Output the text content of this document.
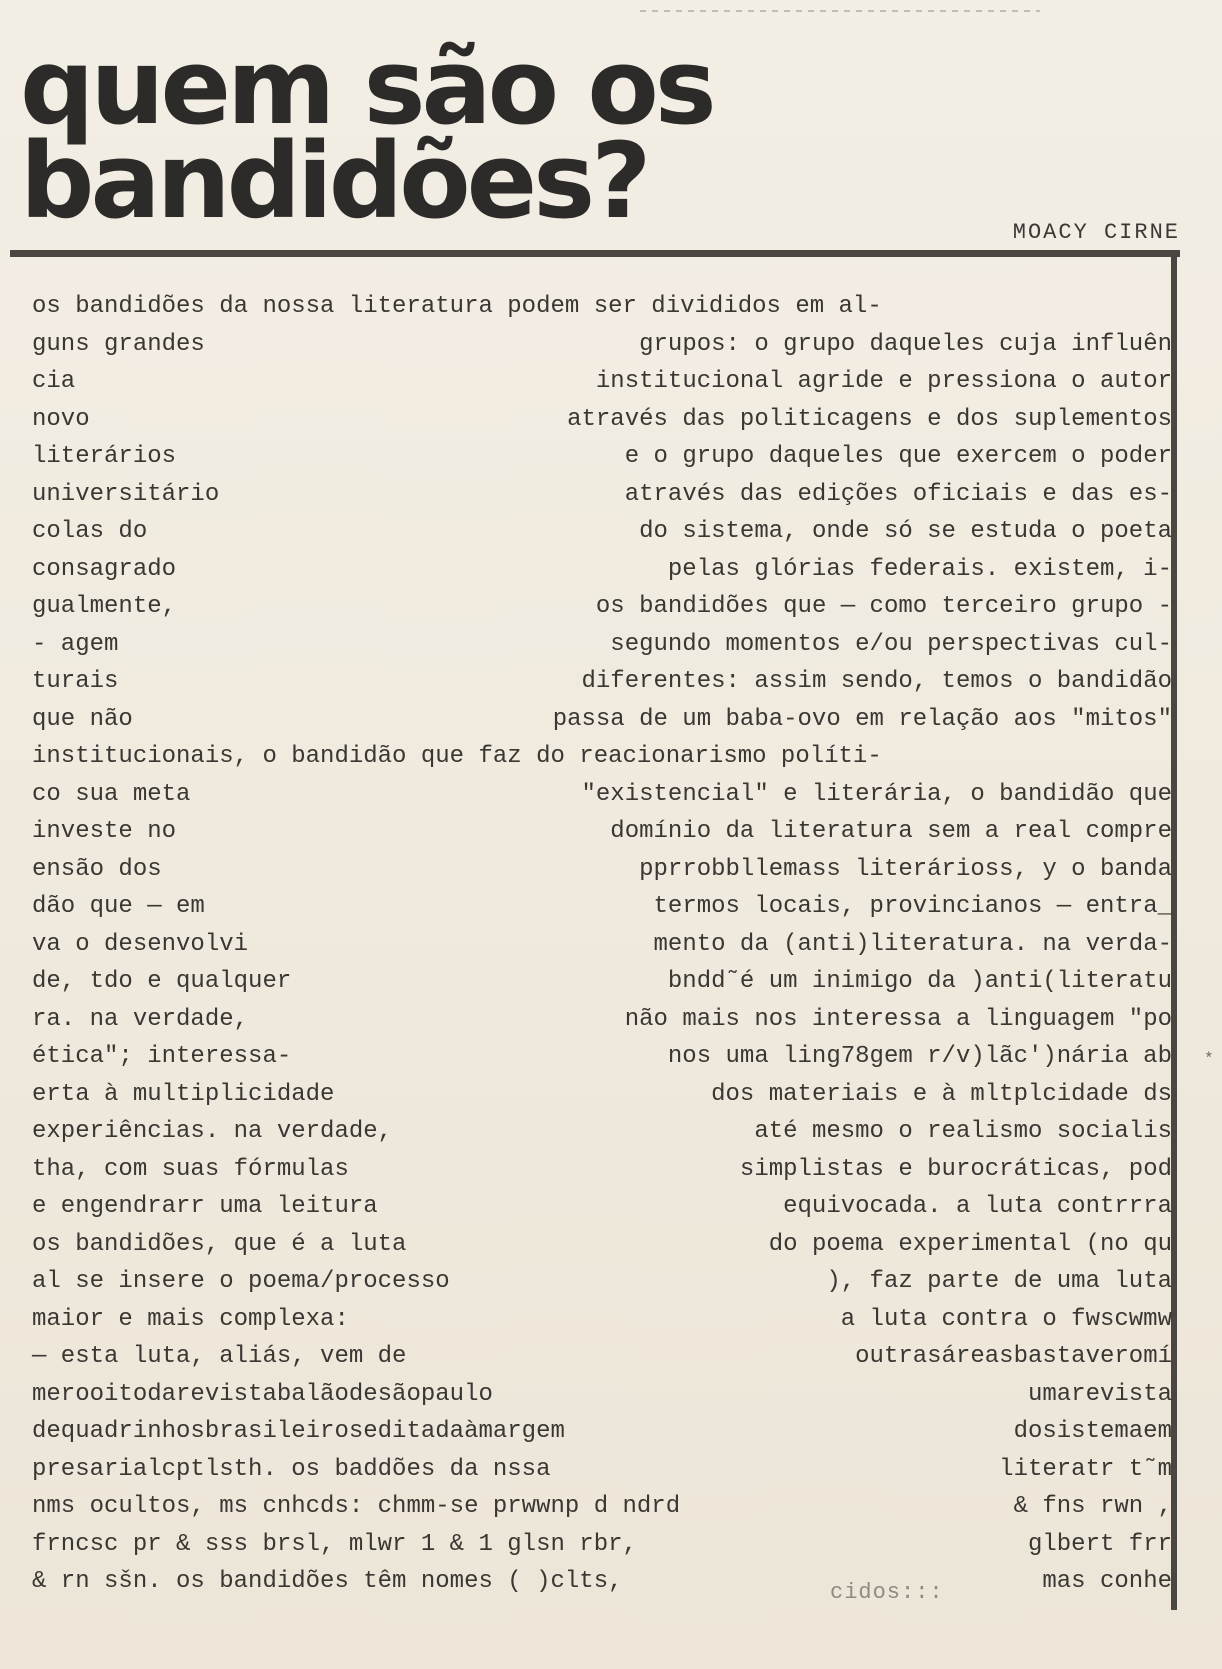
quem são os
bandidões?	MOACY CIRNE
os bandidões da nossa literatura podem ser divididos em al-
guns grandes	grupos: o grupo daqueles cuja influên
cia	institucional agride e pressiona o autor
novo	através das politicagens e dos suplementos
literários	e o grupo daqueles que exercem o poder
universitário	através das edições oficiais e das es-
colas do	do sistema, onde só se estuda o poeta
consagrado	pelas glórias federais. existem, i-
gualmente,	os bandidões que — como terceiro grupo -
- agem	segundo momentos e/ou perspectivas cul-
turais	diferentes: assim sendo, temos o bandidão
que não	passa de um baba-ovo em relação aos "mitos"
institucionais, o bandidão que faz do reacionarismo políti-
co sua meta	"existencial" e literária, o bandidão que
investe no	domínio da literatura sem a real compre
ensão dos	pprrobbllemass literárioss, y o banda
dão que — em	termos locais, provincianos — entra_
va o desenvolvi	mento da (anti)literatura. na verda-
de, tdo e qualquer	bndd˜é um inimigo da )anti(literatu
ra. na verdade,	não mais nos interessa a linguagem "po
ética"; interessa-	nos uma ling78gem r/v)lãc')nária ab
erta à multiplicidade	dos materiais e à mltplcidade ds
experiências. na verdade,	até mesmo o realismo socialis
tha, com suas fórmulas	simplistas e burocráticas, pod
e engendrarr uma leitura	equivocada. a luta contrrra
os bandidões, que é a luta	do poema experimental (no qu
al se insere o poema/processo	), faz parte de uma luta
maior e mais complexa:	a luta contra o fwscwmw
— esta luta, aliás, vem de	outrasáreasbastaveromí
merooitodarevistabalãodesãopaulo	umarevista
dequadrinhosbrasileiroseditadaàmargem	dosistemaem
presarialcptlsth. os baddões da nssa	literatr t˜m
nms ocultos, ms cnhcds: chmm-se prwwnp d ndrd	& fns rwn ,
frncsc pr & sss brsl, mlwr 1 & 1 glsn rbr,	glbert frr
& rn sšn. os bandidões têm nomes ( )clts,	mas conhe
cidos:::
*
